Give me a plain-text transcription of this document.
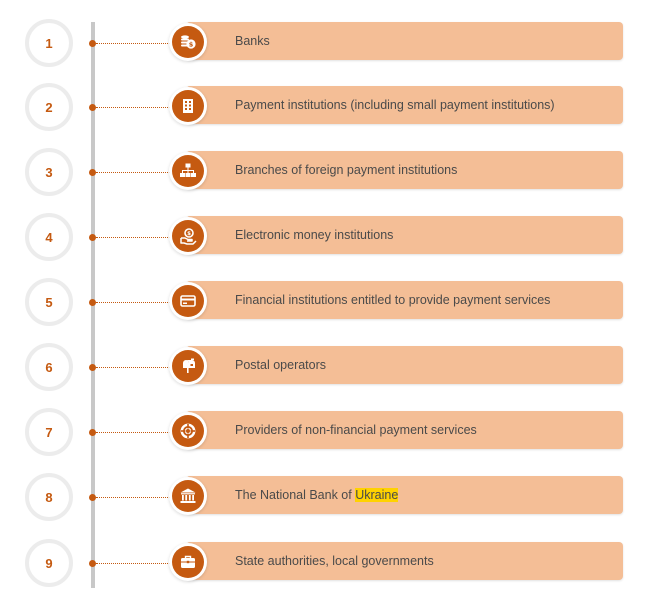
1	$	Banks
2	Payment institutions (including small payment institutions)
3	Branches of foreign payment institutions
4	$	Electronic money institutions
5	Financial institutions entitled to provide payment services
6	Postal operators
7	Providers of non-financial payment services
8	The National Bank of Ukraine
9	State authorities, local governments
